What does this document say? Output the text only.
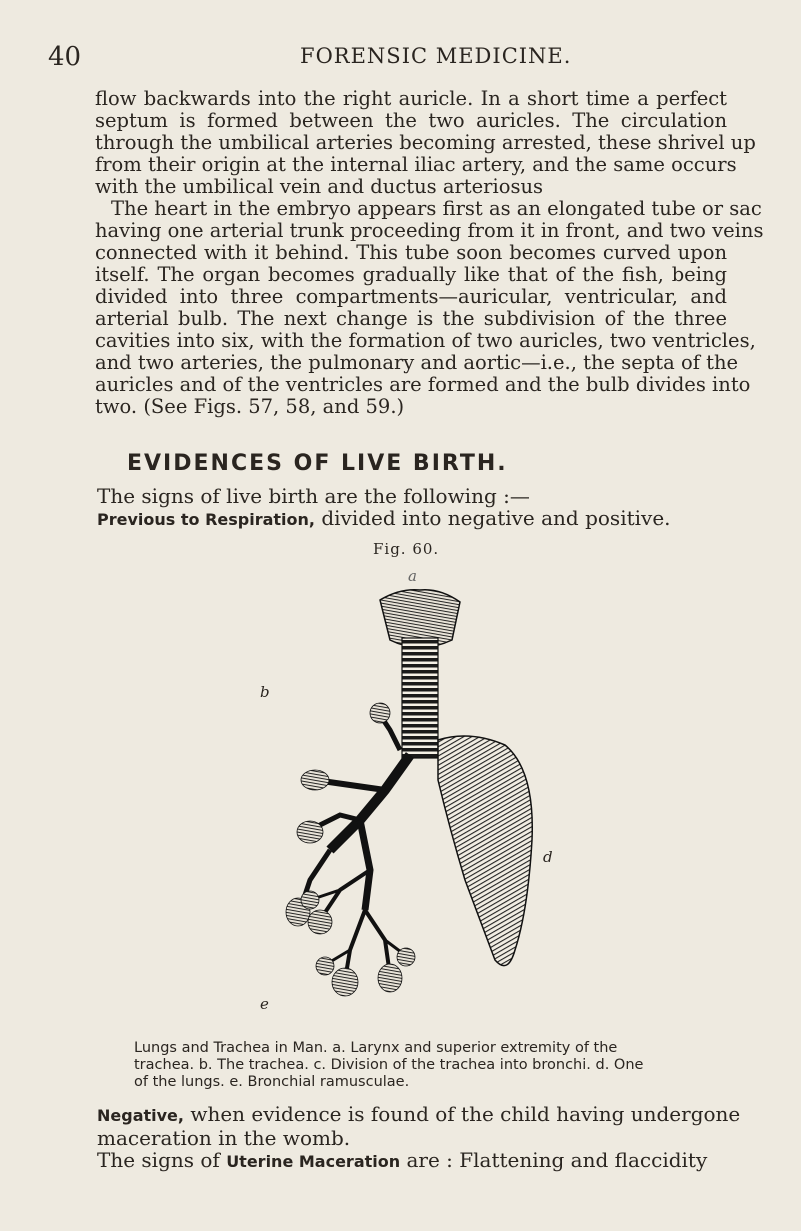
40	FORENSIC MEDICINE.
flow backwards into the right auricle. In a short time a perfect
septum is formed between the two auricles. The circulation
through the umbilical arteries becoming arrested, these shrivel up
from their origin at the internal iliac artery, and the same occurs
with the umbilical vein and ductus arteriosus
The heart in the embryo appears first as an elongated tube or sac
having one arterial trunk proceeding from it in front, and two veins
connected with it behind. This tube soon becomes curved upon
itself. The organ becomes gradually like that of the fish, being
divided into three compartments—auricular, ventricular, and
arterial bulb. The next change is the subdivision of the three
cavities into six, with the formation of two auricles, two ventricles,
and two arteries, the pulmonary and aortic—i.e., the septa of the
auricles and of the ventricles are formed and the bulb divides into
two. (See Figs. 57, 58, and 59.)
EVIDENCES OF LIVE BIRTH.
The signs of live birth are the following :—
Previous to Respiration, divided into negative and positive.
Fig. 60.
a
b
d
e
Lungs and Trachea in Man. a. Larynx and superior extremity of the
trachea. b. The trachea. c. Division of the trachea into bronchi. d. One
of the lungs. e. Bronchial ramusculae.
Negative, when evidence is found of the child having undergone
maceration in the womb.
The signs of Uterine Maceration are : Flattening and flaccidity
